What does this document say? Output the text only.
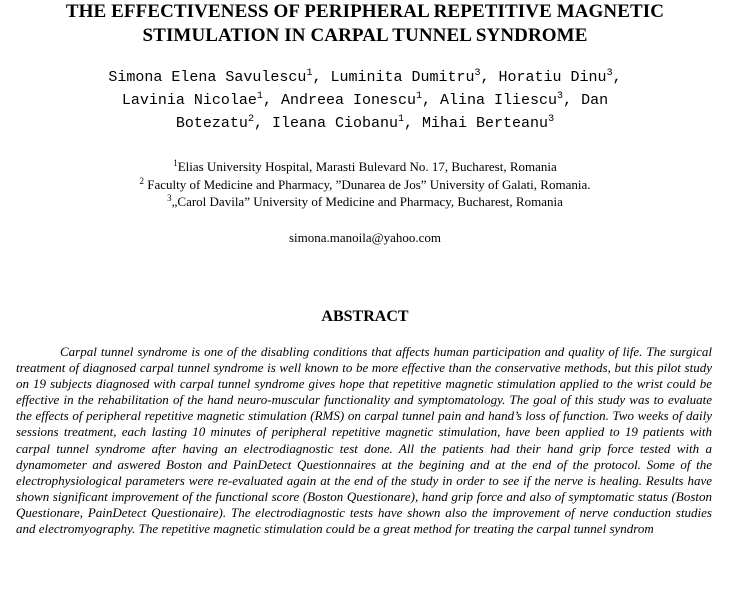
THE EFFECTIVENESS OF PERIPHERAL REPETITIVE MAGNETIC
STIMULATION IN CARPAL TUNNEL SYNDROME
Simona Elena Savulescu$^1$, Luminita Dumitru$^3$, Horatiu Dinu$^3$,
Lavinia Nicolae$^1$, Andreea Ionescu$^1$, Alina Iliescu$^3$, Dan
Botezatu$^2$, Ileana Ciobanu$^1$, Mihai Berteanu$^3$
$^1$Elias University Hospital, Marasti Bulevard No. 17, Bucharest, Romania
$^2$ Faculty of Medicine and Pharmacy, ”Dunarea de Jos” University of Galati, Romania.
$^3$„Carol Davila” University of Medicine and Pharmacy, Bucharest, Romania
simona.manoila@yahoo.com
ABSTRACT

Carpal tunnel syndrome is one of the disabling conditions that affects human participation and quality of life. The surgical treatment of diagnosed carpal tunnel syndrome is well known to be more effective than the conservative methods, but this pilot study on 19 subjects diagnosed with carpal tunnel syndrome gives hope that repetitive magnetic stimulation applied to the wrist could be effective in the rehabilitation of the hand neuro-muscular functionality and symptomatology. The goal of this study was to evaluate the effects of peripheral repetitive magnetic stimulation (RMS) on carpal tunnel pain and hand’s loss of function. Two weeks of daily sessions treatment, each lasting 10 minutes of peripheral repetitive magnetic stimulation, have been applied to 19 patients with carpal tunnel syndrome after having an electrodiagnostic test done. All the patients had their hand grip force tested with a dynamometer and aswered Boston and PainDetect Questionnaires at the begining and at the end of the protocol. Some of the electrophysiological parameters were re-evaluated again at the end of the study in order to see if the nerve is healing. Results have shown significant improvement of the functional score (Boston Questionare), hand grip force and also of symptomatic status (Boston Questionare, PainDetect Questionaire). The electrodiagnostic tests have shown also the improvement of nerve conduction studies and electromyography. The repetitive magnetic stimulation could be a great method for treating the carpal tunnel syndrom
